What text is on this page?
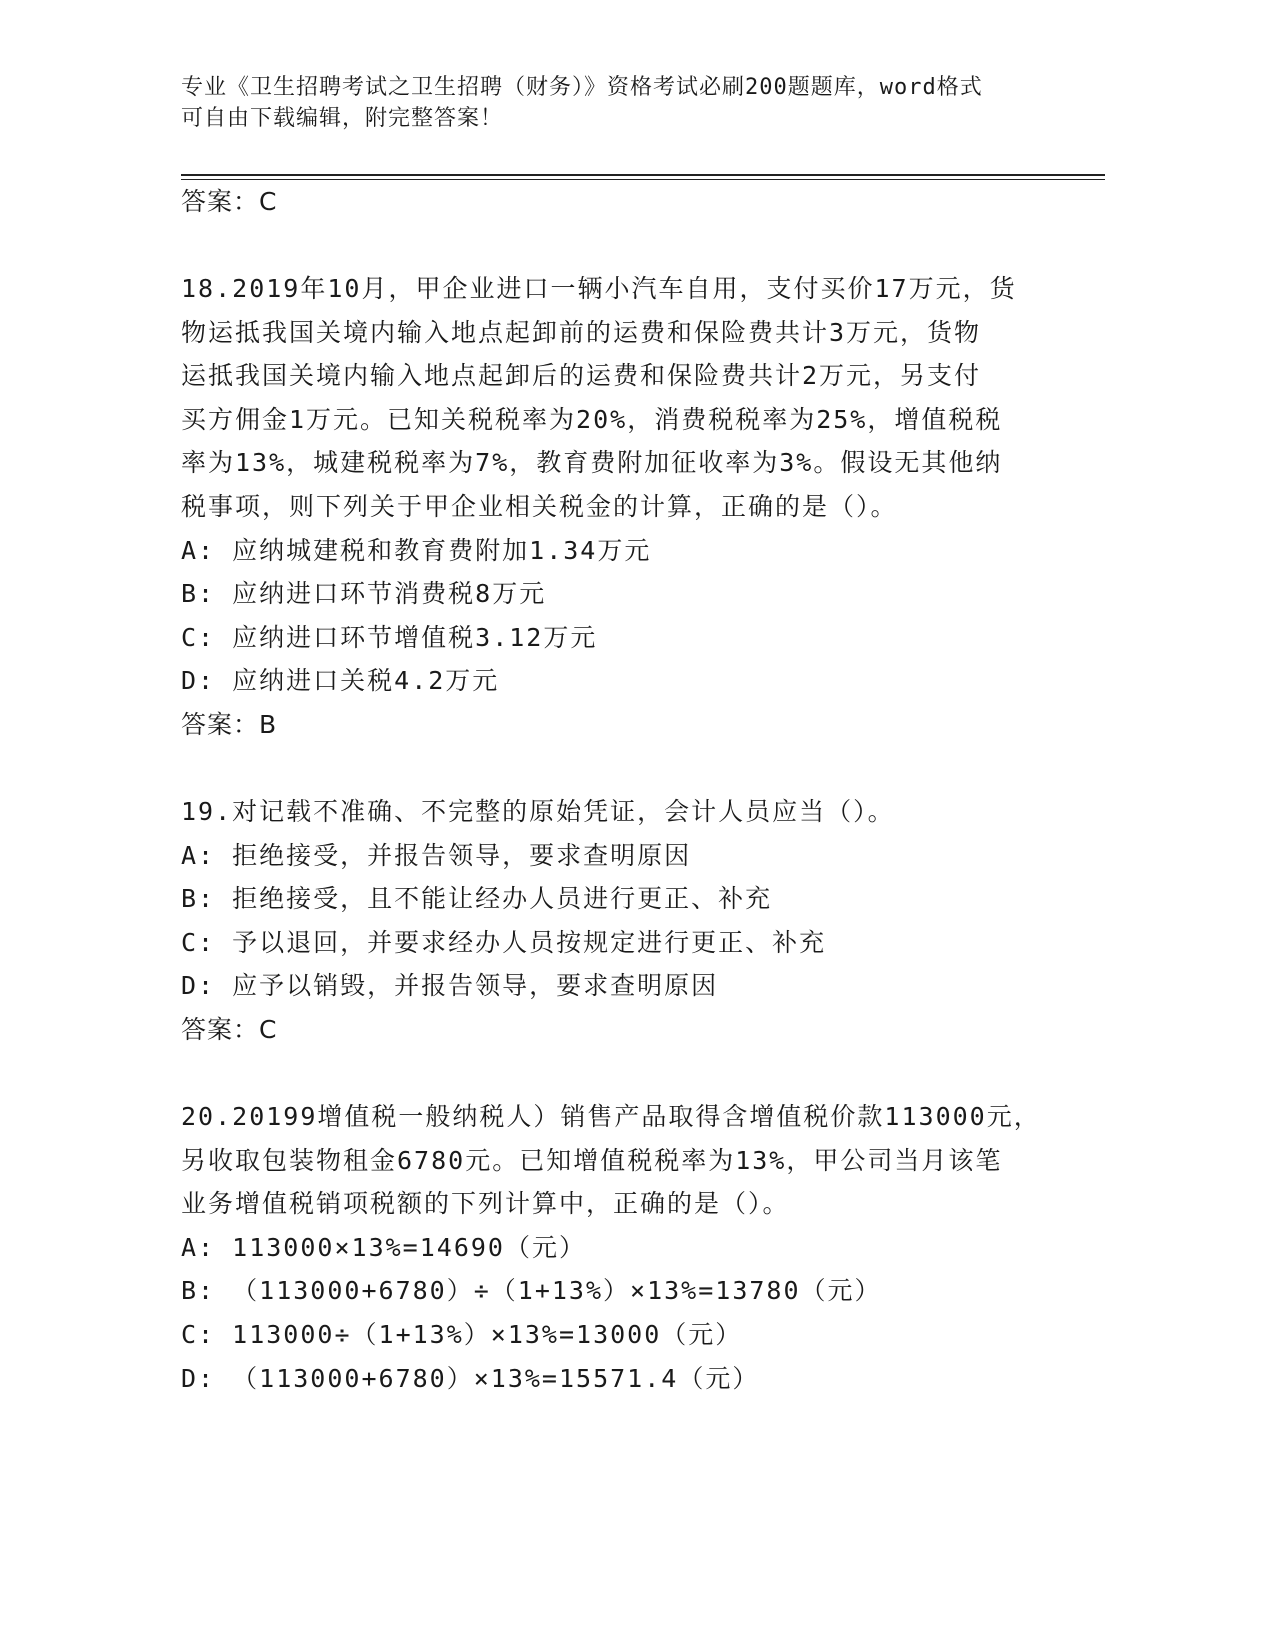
专业《卫生招聘考试之卫生招聘（财务）》资格考试必刷200题题库，word格式
可自由下载编辑，附完整答案！
答案：C
18.2019年10月，甲企业进口一辆小汽车自用，支付买价17万元，货
物运抵我国关境内输入地点起卸前的运费和保险费共计3万元，货物
运抵我国关境内输入地点起卸后的运费和保险费共计2万元，另支付
买方佣金1万元。已知关税税率为20%，消费税税率为25%，增值税税
率为13%，城建税税率为7%，教育费附加征收率为3%。假设无其他纳
税事项，则下列关于甲企业相关税金的计算，正确的是（）。
A: 应纳城建税和教育费附加1.34万元
B: 应纳进口环节消费税8万元
C: 应纳进口环节增值税3.12万元
D: 应纳进口关税4.2万元
答案：B
19.对记载不准确、不完整的原始凭证，会计人员应当（）。
A: 拒绝接受，并报告领导，要求查明原因
B: 拒绝接受，且不能让经办人员进行更正、补充
C: 予以退回，并要求经办人员按规定进行更正、补充
D: 应予以销毁，并报告领导，要求查明原因
答案：C
20.20199增值税一般纳税人）销售产品取得含增值税价款113000元，
另收取包装物租金6780元。已知增值税税率为13%，甲公司当月该笔
业务增值税销项税额的下列计算中，正确的是（）。
A: 113000×13%=14690（元）
B: （113000+6780）÷（1+13%）×13%=13780（元）
C: 113000÷（1+13%）×13%=13000（元）
D: （113000+6780）×13%=15571.4（元）
